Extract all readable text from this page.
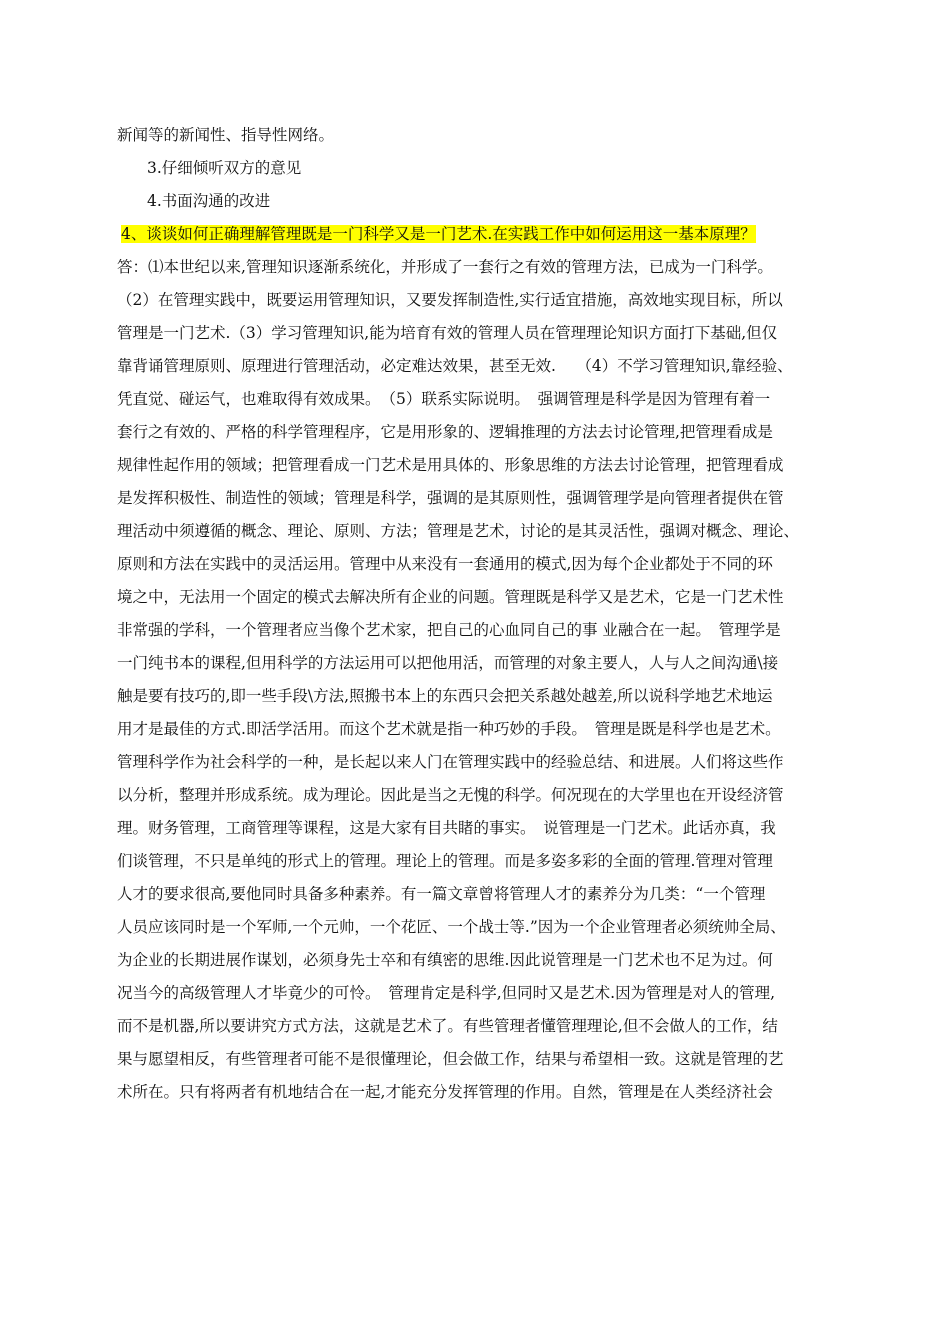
新闻等的新闻性、指导性网络。
3.仔细倾听双方的意见
4.书面沟通的改进
4、谈谈如何正确理解管理既是一门科学又是一门艺术.在实践工作中如何运用这一基本原理？
答：⑴本世纪以来,管理知识逐渐系统化，并形成了一套行之有效的管理方法，已成为一门科学。
（2）在管理实践中，既要运用管理知识，又要发挥制造性,实行适宜措施，高效地实现目标，所以
管理是一门艺术.（3）学习管理知识,能为培育有效的管理人员在管理理论知识方面打下基础,但仅
靠背诵管理原则、原理进行管理活动，必定难达效果，甚至无效.　 （4）不学习管理知识,靠经验、
凭直觉、碰运气，也难取得有效成果。　（5）联系实际说明。　强调管理是科学是因为管理有着一
套行之有效的、严格的科学管理程序，它是用形象的、逻辑推理的方法去讨论管理,把管理看成是
规律性起作用的领域；把管理看成一门艺术是用具体的、形象思维的方法去讨论管理，把管理看成
是发挥积极性、制造性的领域；管理是科学，强调的是其原则性，强调管理学是向管理者提供在管
理活动中须遵循的概念、理论、原则、方法；管理是艺术，讨论的是其灵活性，强调对概念、理论、
原则和方法在实践中的灵活运用。管理中从来没有一套通用的模式,因为每个企业都处于不同的环
境之中，无法用一个固定的模式去解决所有企业的问题。管理既是科学又是艺术，它是一门艺术性
非常强的学科，一个管理者应当像个艺术家，把自己的心血同自己的事 业融合在一起。　管理学是
一门纯书本的课程,但用科学的方法运用可以把他用活，而管理的对象主要人，人与人之间沟通\接
触是要有技巧的,即一些手段\方法,照搬书本上的东西只会把关系越处越差,所以说科学地艺术地运
用才是最佳的方式.即活学活用。而这个艺术就是指一种巧妙的手段。　管理是既是科学也是艺术。
管理科学作为社会科学的一种，是长起以来人门在管理实践中的经验总结、和进展。人们将这些作
以分析，整理并形成系统。成为理论。因此是当之无愧的科学。何况现在的大学里也在开设经济管
理。财务管理，工商管理等课程，这是大家有目共睹的事实。　说管理是一门艺术。此话亦真，我
们谈管理，不只是单纯的形式上的管理。理论上的管理。而是多姿多彩的全面的管理.管理对管理
人才的要求很高,要他同时具备多种素养。有一篇文章曾将管理人才的素养分为几类：“一个管理
人员应该同时是一个军师,一个元帅，一个花匠、一个战士等.”因为一个企业管理者必须统帅全局、
为企业的长期进展作谋划，必须身先士卒和有缜密的思维.因此说管理是一门艺术也不足为过。何
况当今的高级管理人才毕竟少的可怜。　管理肯定是科学,但同时又是艺术.因为管理是对人的管理,
而不是机器,所以要讲究方式方法，这就是艺术了。有些管理者懂管理理论,但不会做人的工作，结
果与愿望相反，有些管理者可能不是很懂理论，但会做工作，结果与希望相一致。这就是管理的艺
术所在。只有将两者有机地结合在一起,才能充分发挥管理的作用。自然，管理是在人类经济社会
